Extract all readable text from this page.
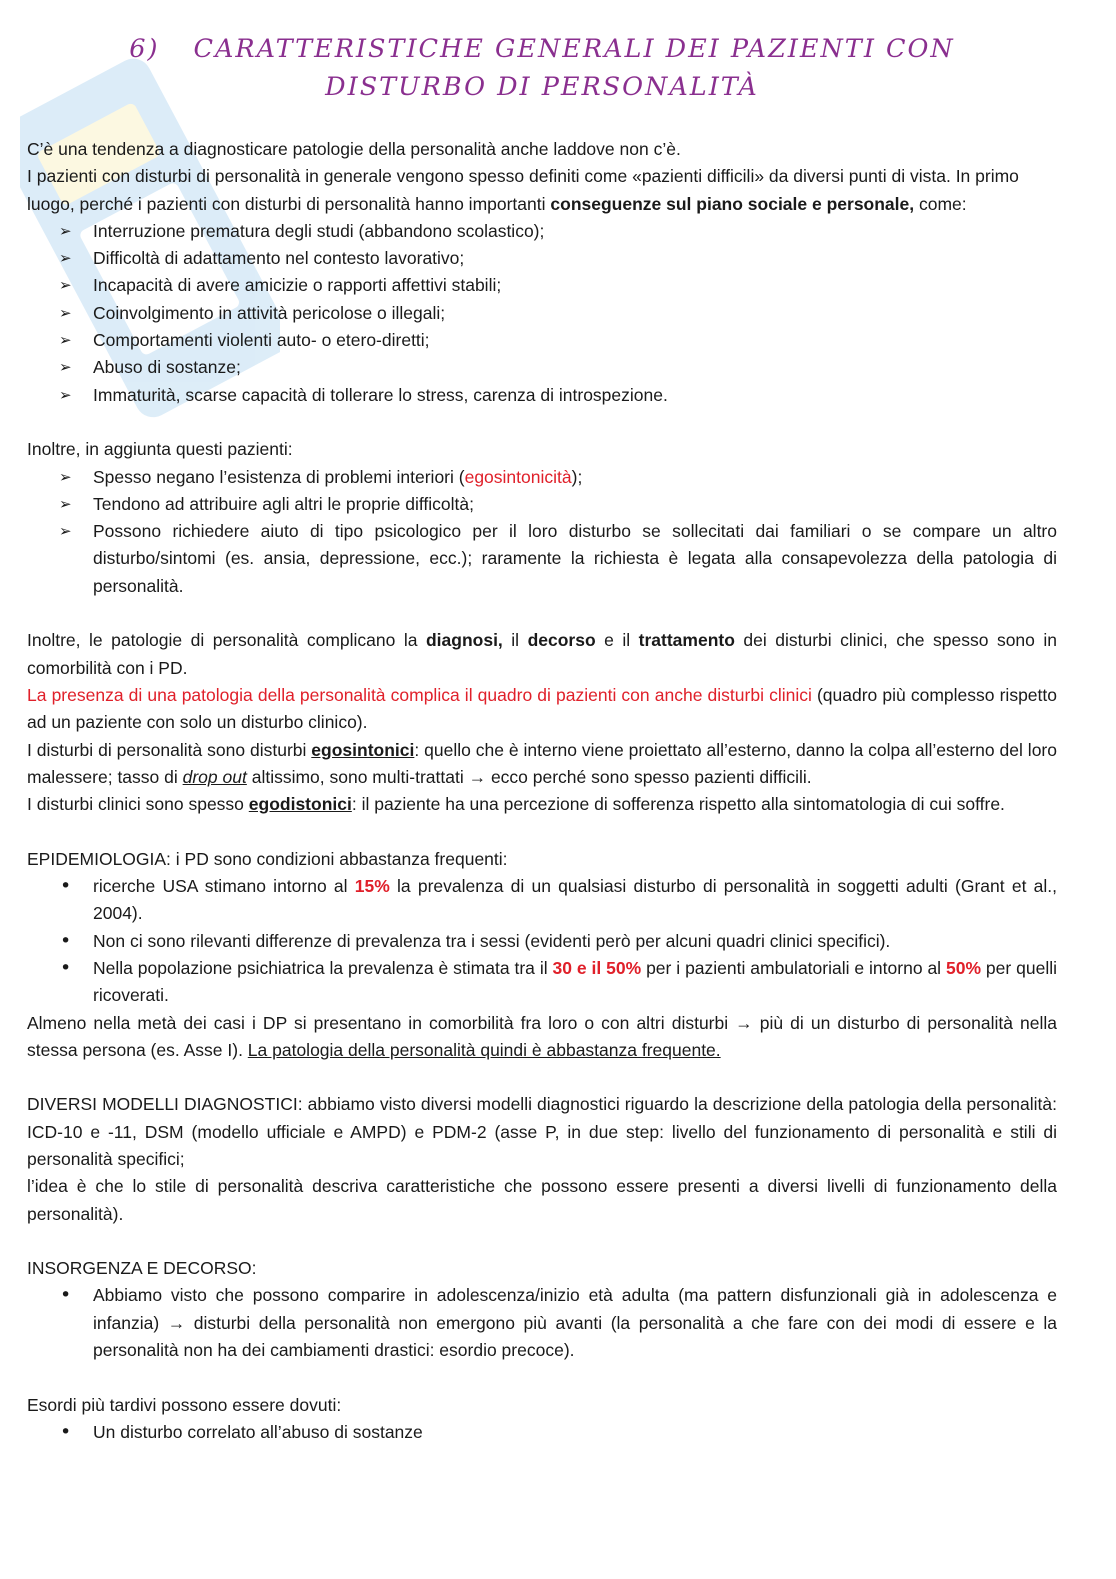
6) CARATTERISTICHE GENERALI DEI PAZIENTI CON
DISTURBO DI PERSONALITÀ

C’è una tendenza a diagnosticare patologie della personalità anche laddove non c’è.

I pazienti con disturbi di personalità in generale vengono spesso definiti come «pazienti difficili» da diversi punti di vista. In primo luogo, perché i pazienti con disturbi di personalità hanno importanti conseguenze sul piano sociale e personale, come:

➢ Interruzione prematura degli studi (abbandono scolastico);
➢ Difficoltà di adattamento nel contesto lavorativo;
➢ Incapacità di avere amicizie o rapporti affettivi stabili;
➢ Coinvolgimento in attività pericolose o illegali;
➢ Comportamenti violenti auto- o etero-diretti;
➢ Abuso di sostanze;
➢ Immaturità, scarse capacità di tollerare lo stress, carenza di introspezione.

Inoltre, in aggiunta questi pazienti:

➢ Spesso negano l’esistenza di problemi interiori (egosintonicità);
➢ Tendono ad attribuire agli altri le proprie difficoltà;
➢ Possono richiedere aiuto di tipo psicologico per il loro disturbo se sollecitati dai familiari o se compare un altro disturbo/sintomi (es. ansia, depressione, ecc.); raramente la richiesta è legata alla consapevolezza della patologia di personalità.

Inoltre, le patologie di personalità complicano la diagnosi, il decorso e il trattamento dei disturbi clinici, che spesso sono in comorbilità con i PD.

La presenza di una patologia della personalità complica il quadro di pazienti con anche disturbi clinici (quadro più complesso rispetto ad un paziente con solo un disturbo clinico).

I disturbi di personalità sono disturbi egosintonici: quello che è interno viene proiettato all’esterno, danno la colpa all’esterno del loro malessere; tasso di drop out altissimo, sono multi-trattati → ecco perché sono spesso pazienti difficili.

I disturbi clinici sono spesso egodistonici: il paziente ha una percezione di sofferenza rispetto alla sintomatologia di cui soffre.

EPIDEMIOLOGIA: i PD sono condizioni abbastanza frequenti:

• ricerche USA stimano intorno al 15% la prevalenza di un qualsiasi disturbo di personalità in soggetti adulti (Grant et al., 2004).
• Non ci sono rilevanti differenze di prevalenza tra i sessi (evidenti però per alcuni quadri clinici specifici).
• Nella popolazione psichiatrica la prevalenza è stimata tra il 30 e il 50% per i pazienti ambulatoriali e intorno al 50% per quelli ricoverati.

Almeno nella metà dei casi i DP si presentano in comorbilità fra loro o con altri disturbi → più di un disturbo di personalità nella stessa persona (es. Asse I). La patologia della personalità quindi è abbastanza frequente.

DIVERSI MODELLI DIAGNOSTICI: abbiamo visto diversi modelli diagnostici riguardo la descrizione della patologia della personalità: ICD-10 e -11, DSM (modello ufficiale e AMPD) e PDM-2 (asse P, in due step: livello del funzionamento di personalità e stili di personalità specifici;

l’idea è che lo stile di personalità descriva caratteristiche che possono essere presenti a diversi livelli di funzionamento della personalità).

INSORGENZA E DECORSO:

• Abbiamo visto che possono comparire in adolescenza/inizio età adulta (ma pattern disfunzionali già in adolescenza e infanzia) → disturbi della personalità non emergono più avanti (la personalità a che fare con dei modi di essere e la personalità non ha dei cambiamenti drastici: esordio precoce).

Esordi più tardivi possono essere dovuti:

• Un disturbo correlato all’abuso di sostanze
